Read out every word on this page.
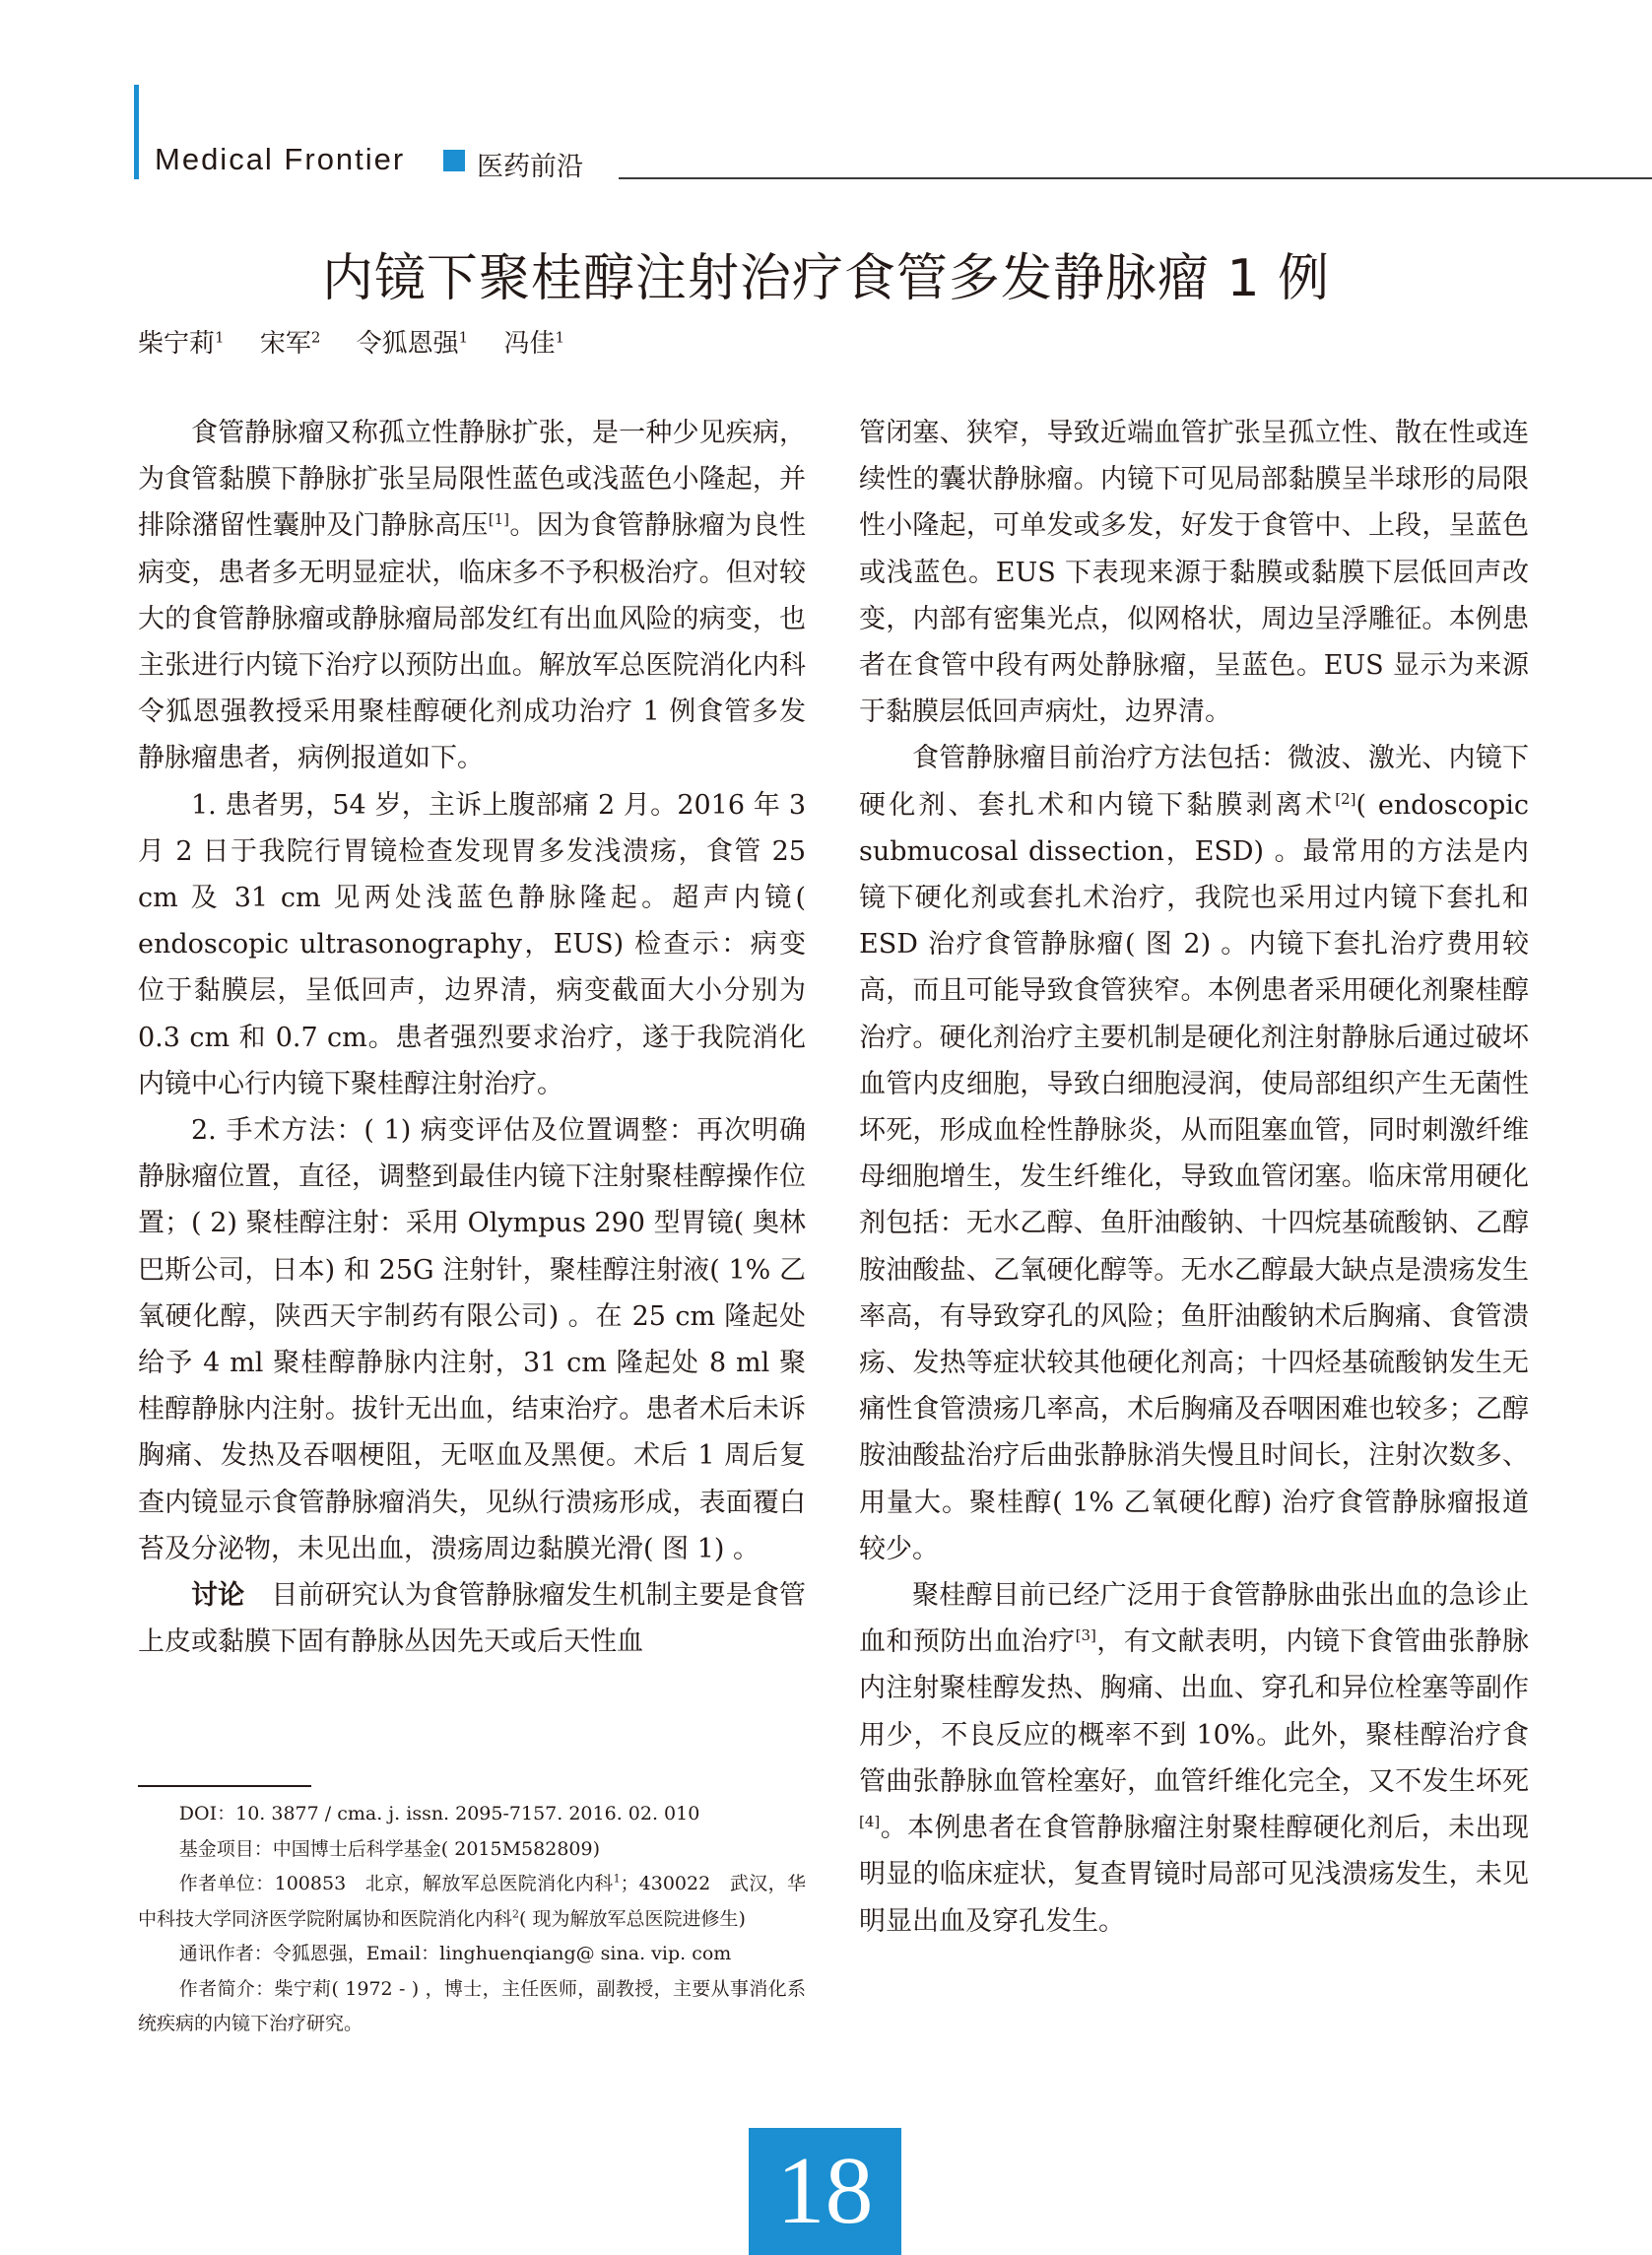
Medical Frontier	医药前沿
内镜下聚桂醇注射治疗食管多发静脉瘤 1 例
柴宁莉$^1$ 宋军$^2$ 令狐恩强$^1$ 冯佳$^1$

食管静脉瘤又称孤立性静脉扩张，是一种少见疾病，为食管黏膜下静脉扩张呈局限性蓝色或浅蓝色小隆起，并排除潴留性囊肿及门静脉高压[1]。因为食管静脉瘤为良性病变，患者多无明显症状，临床多不予积极治疗。但对较大的食管静脉瘤或静脉瘤局部发红有出血风险的病变，也主张进行内镜下治疗以预防出血。解放军总医院消化内科令狐恩强教授采用聚桂醇硬化剂成功治疗 1 例食管多发静脉瘤患者，病例报道如下。

1. 患者男，54 岁，主诉上腹部痛 2 月。2016 年 3 月 2 日于我院行胃镜检查发现胃多发浅溃疡，食管 25 cm 及 31 cm 见两处浅蓝色静脉隆起。超声内镜( endoscopic ultrasonography，EUS) 检查示：病变位于黏膜层，呈低回声，边界清，病变截面大小分别为 0.3 cm 和 0.7 cm。患者强烈要求治疗，遂于我院消化内镜中心行内镜下聚桂醇注射治疗。

2. 手术方法：( 1) 病变评估及位置调整：再次明确静脉瘤位置，直径，调整到最佳内镜下注射聚桂醇操作位置；( 2) 聚桂醇注射：采用 Olympus 290 型胃镜( 奥林巴斯公司，日本) 和 25G 注射针，聚桂醇注射液( 1% 乙氧硬化醇，陕西天宇制药有限公司) 。在 25 cm 隆起处给予 4 ml 聚桂醇静脉内注射，31 cm 隆起处 8 ml 聚桂醇静脉内注射。拔针无出血，结束治疗。患者术后未诉胸痛、发热及吞咽梗阻，无呕血及黑便。术后 1 周后复查内镜显示食管静脉瘤消失，见纵行溃疡形成，表面覆白苔及分泌物，未见出血，溃疡周边黏膜光滑( 图 1) 。

讨论　目前研究认为食管静脉瘤发生机制主要是食管上皮或黏膜下固有静脉丛因先天或后天性血

管闭塞、狭窄，导致近端血管扩张呈孤立性、散在性或连续性的囊状静脉瘤。内镜下可见局部黏膜呈半球形的局限性小隆起，可单发或多发，好发于食管中、上段，呈蓝色或浅蓝色。EUS 下表现来源于黏膜或黏膜下层低回声改变，内部有密集光点，似网格状，周边呈浮雕征。本例患者在食管中段有两处静脉瘤，呈蓝色。EUS 显示为来源于黏膜层低回声病灶，边界清。

食管静脉瘤目前治疗方法包括：微波、激光、内镜下硬化剂、套扎术和内镜下黏膜剥离术[2]( endoscopic submucosal dissection，ESD) 。最常用的方法是内镜下硬化剂或套扎术治疗，我院也采用过内镜下套扎和 ESD 治疗食管静脉瘤( 图 2) 。内镜下套扎治疗费用较高，而且可能导致食管狭窄。本例患者采用硬化剂聚桂醇治疗。硬化剂治疗主要机制是硬化剂注射静脉后通过破坏血管内皮细胞，导致白细胞浸润，使局部组织产生无菌性坏死，形成血栓性静脉炎，从而阻塞血管，同时刺激纤维母细胞增生，发生纤维化，导致血管闭塞。临床常用硬化剂包括：无水乙醇、鱼肝油酸钠、十四烷基硫酸钠、乙醇胺油酸盐、乙氧硬化醇等。无水乙醇最大缺点是溃疡发生率高，有导致穿孔的风险；鱼肝油酸钠术后胸痛、食管溃疡、发热等症状较其他硬化剂高；十四烃基硫酸钠发生无痛性食管溃疡几率高，术后胸痛及吞咽困难也较多；乙醇胺油酸盐治疗后曲张静脉消失慢且时间长，注射次数多、用量大。聚桂醇( 1% 乙氧硬化醇) 治疗食管静脉瘤报道较少。

聚桂醇目前已经广泛用于食管静脉曲张出血的急诊止血和预防出血治疗[3]，有文献表明，内镜下食管曲张静脉内注射聚桂醇发热、胸痛、出血、穿孔和异位栓塞等副作用少，不良反应的概率不到 10%。此外，聚桂醇治疗食管曲张静脉血管栓塞好，血管纤维化完全，又不发生坏死[4]。本例患者在食管静脉瘤注射聚桂醇硬化剂后，未出现明显的临床症状，复查胃镜时局部可见浅溃疡发生，未见明显出血及穿孔发生。

DOI：10. 3877 / cma. j. issn. 2095-7157. 2016. 02. 010

基金项目：中国博士后科学基金( 2015M582809)

作者单位：100853　北京，解放军总医院消化内科$^1$；430022　武汉，华中科技大学同济医学院附属协和医院消化内科$^2$( 现为解放军总医院进修生)

通讯作者：令狐恩强，Email：linghuenqiang@ sina. vip. com

作者简介：柴宁莉( 1972 - ) ，博士，主任医师，副教授，主要从事消化系统疾病的内镜下治疗研究。

18
